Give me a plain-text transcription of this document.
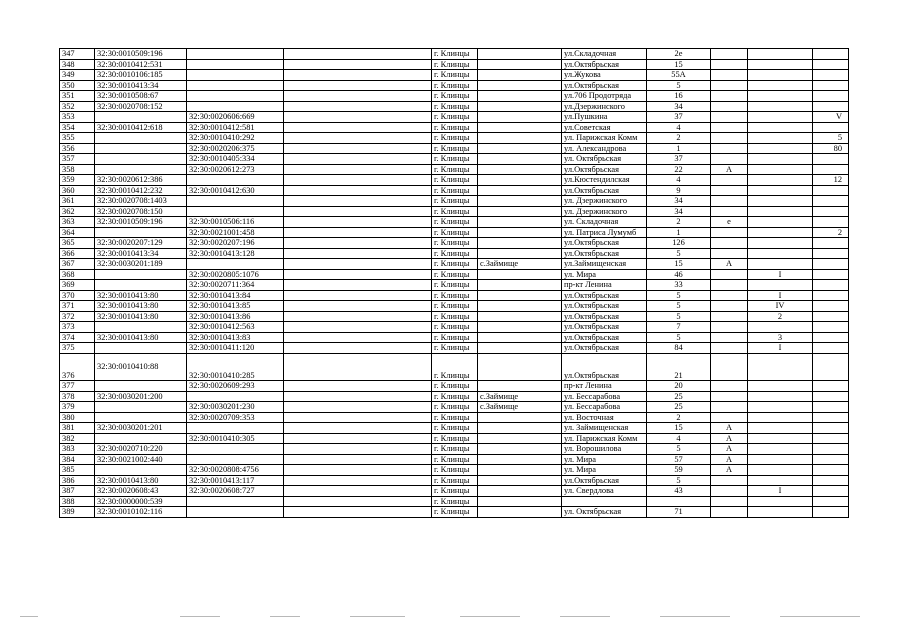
347	32:30:0010509:196			г. Клинцы		ул.Складочная	2е			
348	32:30:0010412:531			г. Клинцы		ул.Октябрьская	15			
349	32:30:0010106:185			г. Клинцы		ул.Жукова	55А			
350	32:30:0010413:34			г. Клинцы		ул.Октябрьская	5			
351	32:30:0010508:67			г. Клинцы		ул.706 Продотряда	16			
352	32:30:0020708:152			г. Клинцы		ул.Дзержинского	34			
353		32:30:0020606:669		г. Клинцы		ул.Пушкина	37			V
354	32:30:0010412:618	32:30:0010412:581		г. Клинцы		ул.Советская	4			
355		32:30:0010410:292		г. Клинцы		ул. Парижская Комм	2			5
356		32:30:0020206:375		г. Клинцы		ул. Александрова	1			80
357		32:30:0010405:334		г. Клинцы		ул. Октябрьская	37			
358		32:30:0020612:273		г. Клинцы		ул.Октябрьская	22	А		
359	32:30:0020612:386			г. Клинцы		ул.Кюстендилская	4			12
360	32:30:0010412:232	32:30:0010412:630		г. Клинцы		ул.Октябрьская	9			
361	32:30:0020708:1403			г. Клинцы		ул. Дзержинского	34			
362	32:30:0020708:150			г. Клинцы		ул. Дзержинского	34			
363	32:30:0010509:196	32:30:0010506:116		г. Клинцы		ул. Складочная	2	е		
364		32:30:0021001:458		г. Клинцы		ул. Патриса Лумумб	1			2
365	32:30:0020207:129	32:30:0020207:196		г. Клинцы		ул.Октябрьская	126			
366	32:30:0010413:34	32:30:0010413:128		г. Клинцы		ул.Октябрьская	5			
367	32:30:0030201:189			г. Клинцы	с.Займище	ул.Займищенская	15	А		
368		32:30:0020805:1076		г. Клинцы		ул. Мира	46		I	
369		32:30:0020711:364		г. Клинцы		пр-кт Ленина	33			
370	32:30:0010413:80	32:30:0010413:84		г. Клинцы		ул.Октябрьская	5		I	
371	32:30:0010413:80	32:30:0010413:85		г. Клинцы		ул.Октябрьская	5		IV	
372	32:30:0010413:80	32:30:0010413:86		г. Клинцы		ул.Октябрьская	5		2	
373		32:30:0010412:563		г. Клинцы		ул.Октябрьская	7			
374	32:30:0010413:80	32:30:0010413:83		г. Клинцы		ул.Октябрьская	5		3	
375		32:30:0010411:120		г. Клинцы		ул.Октябрьская	84		I	
376	32:30:0010410:88	32:30:0010410:285		г. Клинцы		ул.Октябрьская	21			
377		32:30:0020609:293		г. Клинцы		пр-кт Ленина	20			
378	32:30:0030201:200			г. Клинцы	с.Займище	ул. Бессарабова	25			
379		32:30:0030201:230		г. Клинцы	с.Займище	ул. Бессарабова	25			
380		32:30:0020709:353		г. Клинцы		ул. Восточная	2			
381	32:30:0030201:201			г. Клинцы		ул. Займищенская	15	А		
382		32:30:0010410:305		г. Клинцы		ул. Парижская Комм	4	А		
383	32:30:0020710:220			г. Клинцы		ул. Ворошилова	5	А		
384	32:30:0021002:440			г. Клинцы		ул. Мира	57	А		
385		32:30:0020808:4756		г. Клинцы		ул. Мира	59	А		
386	32:30:0010413:80	32:30:0010413:117		г. Клинцы		ул.Октябрьская	5			
387	32:30:0020608:43	32:30:0020608:727		г. Клинцы		ул. Свердлова	43		I	
388	32:30:0000000:539			г. Клинцы						
389	32:30:0010102:116			г. Клинцы		ул. Октябрьская	71			
